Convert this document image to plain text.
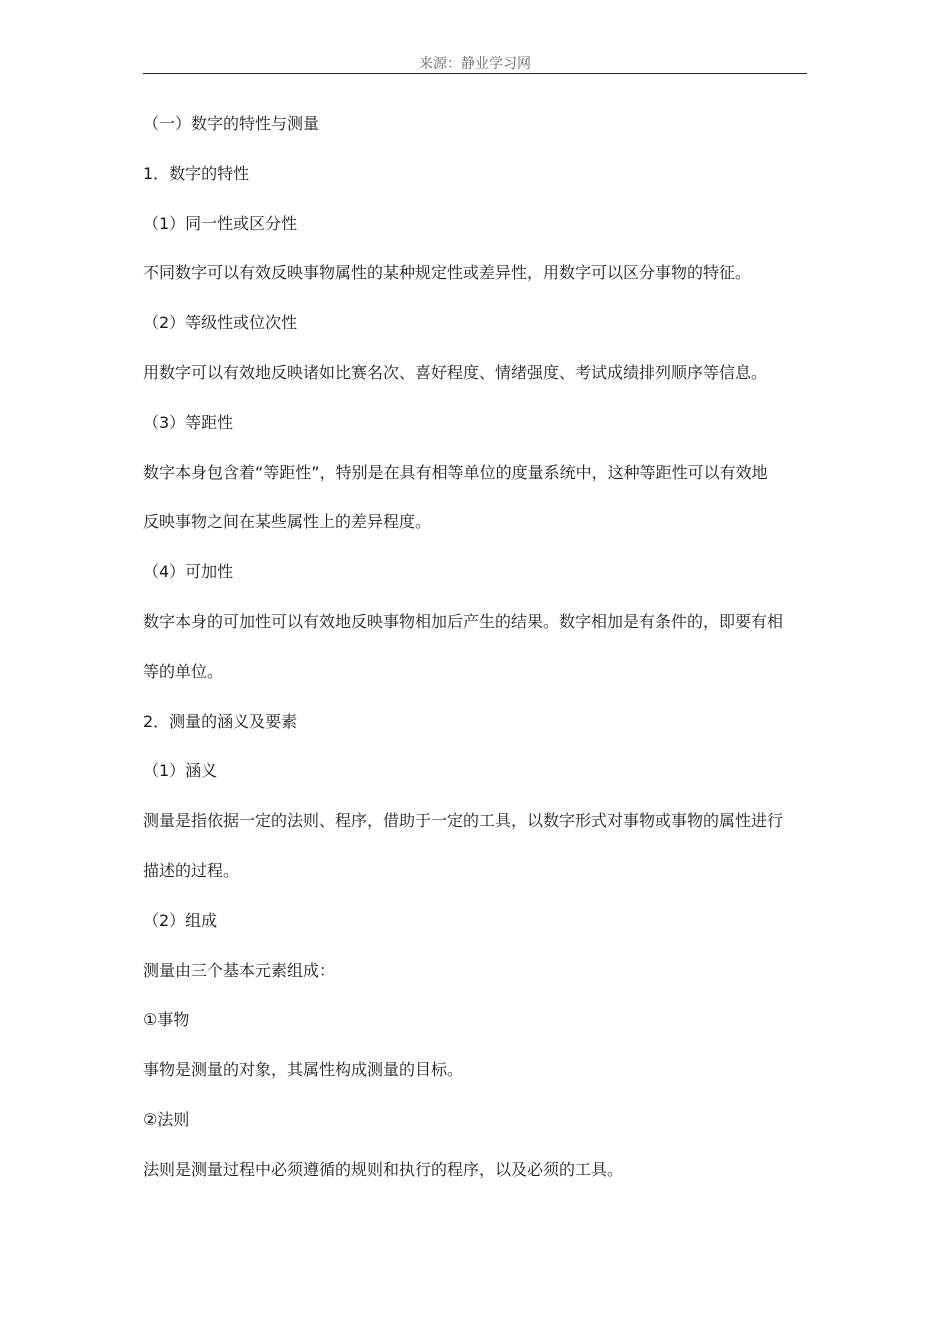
来源：静业学习网
（一）数字的特性与测量
1．数字的特性
（1）同一性或区分性
不同数字可以有效反映事物属性的某种规定性或差异性，用数字可以区分事物的特征。
（2）等级性或位次性
用数字可以有效地反映诸如比赛名次、喜好程度、情绪强度、考试成绩排列顺序等信息。
（3）等距性
数字本身包含着“等距性”，特别是在具有相等单位的度量系统中，这种等距性可以有效地
反映事物之间在某些属性上的差异程度。
（4）可加性
数字本身的可加性可以有效地反映事物相加后产生的结果。数字相加是有条件的，即要有相
等的单位。
2．测量的涵义及要素
（1）涵义
测量是指依据一定的法则、程序，借助于一定的工具，以数字形式对事物或事物的属性进行
描述的过程。
（2）组成
测量由三个基本元素组成：
①事物
事物是测量的对象，其属性构成测量的目标。
②法则
法则是测量过程中必须遵循的规则和执行的程序，以及必须的工具。
